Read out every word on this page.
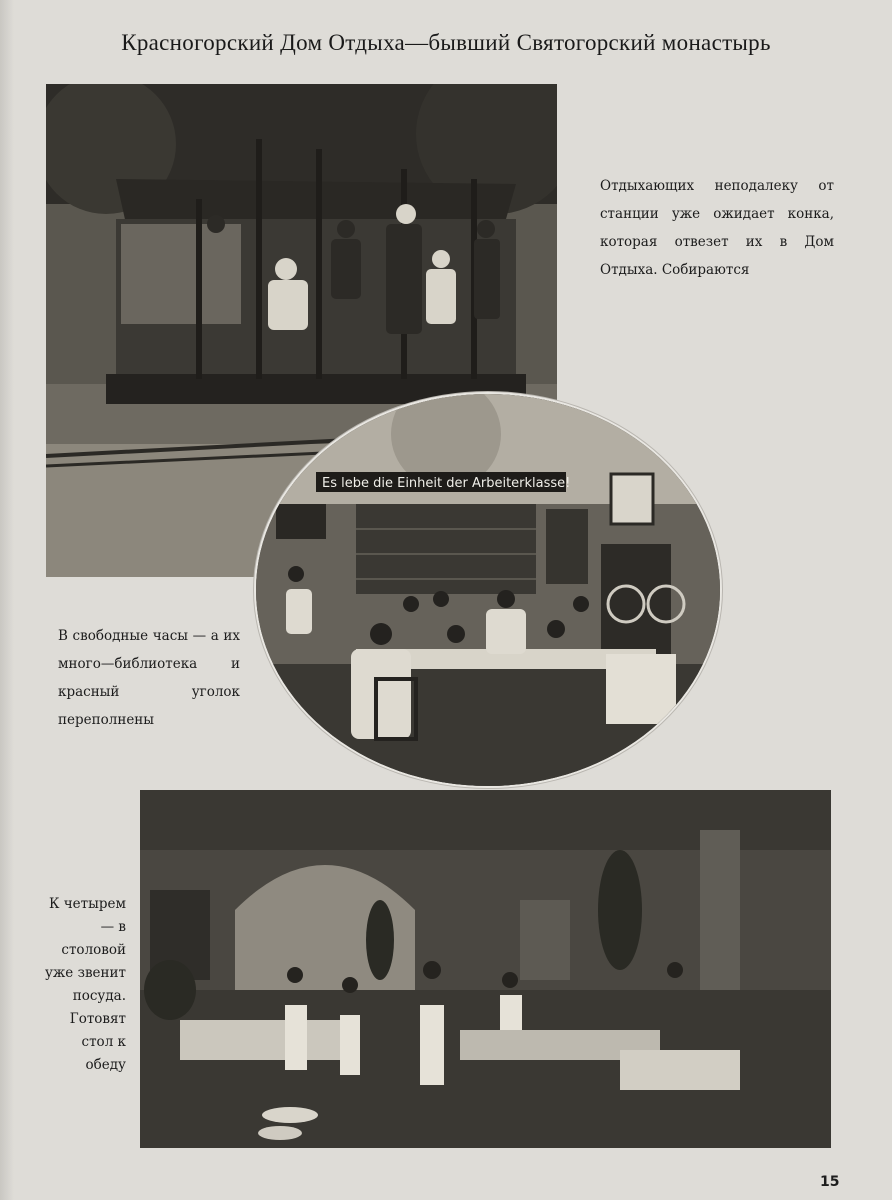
Красногорский Дом Отдыха—бывший Святогорский монастырь
Es lebe die Einheit der Arbeiterklasse!
Отдыхающих неподалеку от станции уже ожидает конка, которая отвезет их в Дом Отдыха. Собираются
В свободные часы — а их много—библиотека и красный уголок переполнены
К четырем — в столовой уже звенит посуда. Готовят стол к обеду
15
